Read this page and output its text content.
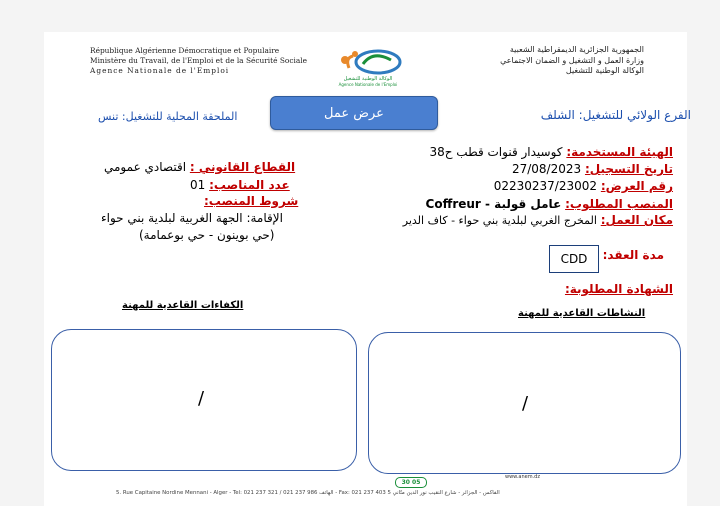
République Algérienne Démocratique et Populaire
Ministère du Travail, de l'Emploi et de la Sécurité Sociale
Agence Nationale de l'Emploi
الوكالة الوطنية للتشغيل
Agence Nationale de l'Emploi
الجمهورية الجزائرية الديمقراطية الشعبية
وزارة العمل و التشغيل و الضمان الاجتماعي
الوكالة الوطنية للتشغيل
عرض عمل	الفرع الولائي للتشغيل: الشلف
الملحقة المحلية للتشغيل: تنس
الهيئة المستخدمة: كوسيدار قنوات قطب ح38
تاريخ التسجيل: 27/08/2023
رقم العرض: 02230237/23002
المنصب المطلوب: عامل قولبة - Coffreur
مكان العمل: المخرج الغربي لبلدية بني حواء - كاف الدير
مدة العقد:
CDD
الشهادة المطلوبة:
القطاع القانوني : اقتصادي عمومي
عدد المناصب: 01
شروط المنصب:
الإقامة: الجهة الغربية لبلدية بني حواء
(حي بوينون - حي بوعمامة)
الكفاءات القاعدية للمهنة
النشاطات القاعدية للمهنة
/	/
30 05
www.anem.dz
5. Rue Capitaine Nordine Mennani - Alger - Tel: 021 237 321 / 021 237 986 الهاتف - Fax: 021 237 403 الفاكس - الجزائر - شارع النقيب نور الدين منّاني 5
